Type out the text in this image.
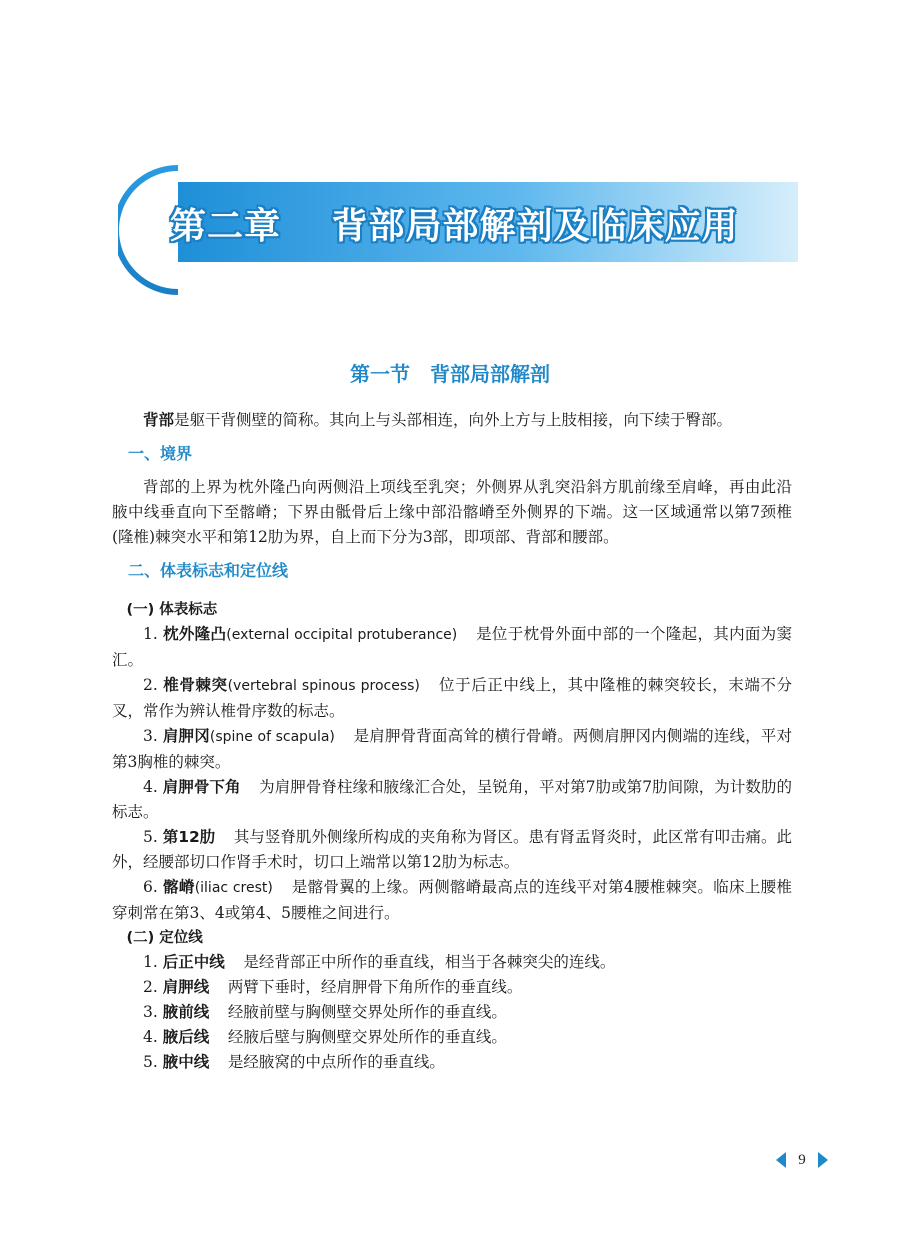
第二章　 背部局部解剖及临床应用
第一节　背部局部解剖

背部是躯干背侧壁的简称。其向上与头部相连，向外上方与上肢相接，向下续于臀部。

一、境界

背部的上界为枕外隆凸向两侧沿上项线至乳突；外侧界从乳突沿斜方肌前缘至肩峰，再由此沿腋中线垂直向下至髂嵴；下界由骶骨后上缘中部沿髂嵴至外侧界的下端。这一区域通常以第7颈椎(隆椎)棘突水平和第12肋为界，自上而下分为3部，即项部、背部和腰部。

二、体表标志和定位线
(一) 体表标志

1. 枕外隆凸(external occipital protuberance) 是位于枕骨外面中部的一个隆起，其内面为窦汇。

2. 椎骨棘突(vertebral spinous process) 位于后正中线上，其中隆椎的棘突较长，末端不分叉，常作为辨认椎骨序数的标志。

3. 肩胛冈(spine of scapula) 是肩胛骨背面高耸的横行骨嵴。两侧肩胛冈内侧端的连线，平对第3胸椎的棘突。

4. 肩胛骨下角 为肩胛骨脊柱缘和腋缘汇合处，呈锐角，平对第7肋或第7肋间隙，为计数肋的标志。

5. 第12肋 其与竖脊肌外侧缘所构成的夹角称为肾区。患有肾盂肾炎时，此区常有叩击痛。此外，经腰部切口作肾手术时，切口上端常以第12肋为标志。

6. 髂嵴(iliac crest) 是髂骨翼的上缘。两侧髂嵴最高点的连线平对第4腰椎棘突。临床上腰椎穿刺常在第3、4或第4、5腰椎之间进行。

(二) 定位线

1. 后正中线 是经背部正中所作的垂直线，相当于各棘突尖的连线。

2. 肩胛线 两臂下垂时，经肩胛骨下角所作的垂直线。

3. 腋前线 经腋前壁与胸侧壁交界处所作的垂直线。

4. 腋后线 经腋后壁与胸侧壁交界处所作的垂直线。

5. 腋中线 是经腋窝的中点所作的垂直线。

9
